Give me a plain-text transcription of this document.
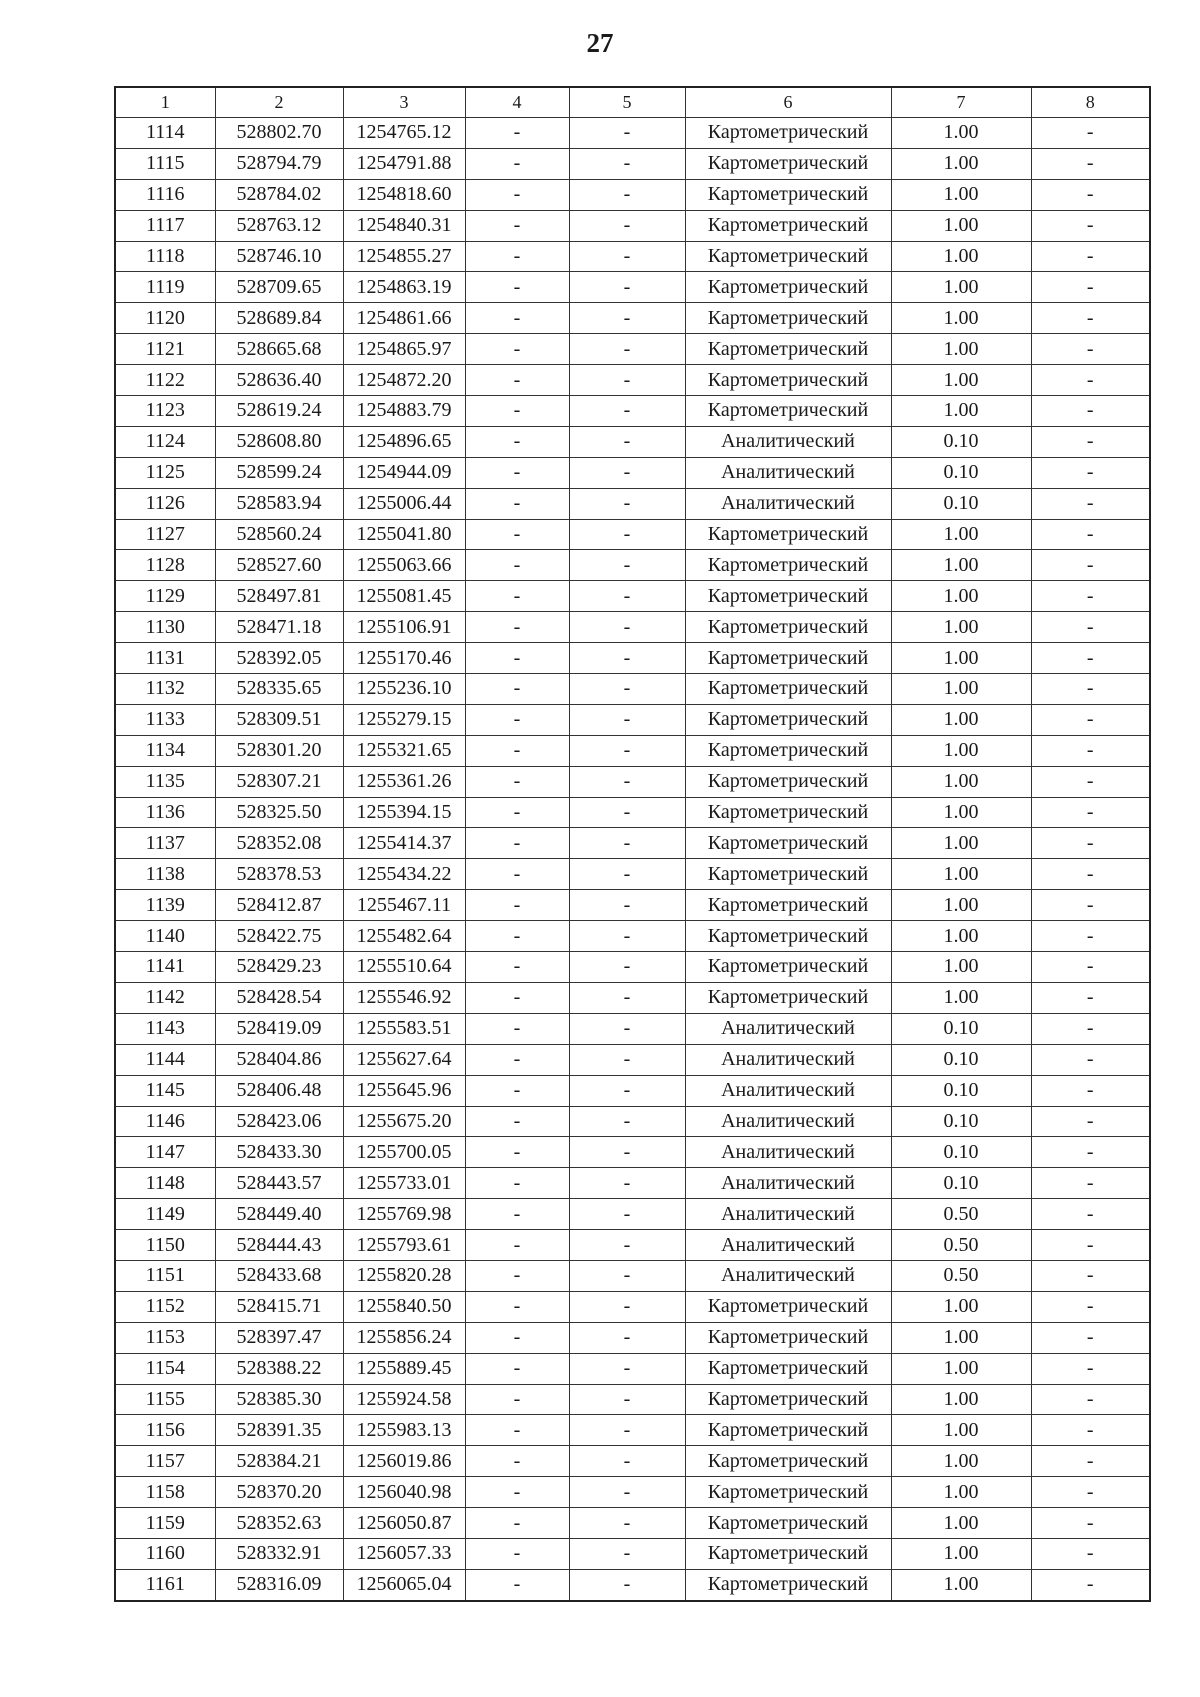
27
1	2	3	4	5	6	7	8
1114	528802.70	1254765.12	-	-	Картометрический	1.00	-
1115	528794.79	1254791.88	-	-	Картометрический	1.00	-
1116	528784.02	1254818.60	-	-	Картометрический	1.00	-
1117	528763.12	1254840.31	-	-	Картометрический	1.00	-
1118	528746.10	1254855.27	-	-	Картометрический	1.00	-
1119	528709.65	1254863.19	-	-	Картометрический	1.00	-
1120	528689.84	1254861.66	-	-	Картометрический	1.00	-
1121	528665.68	1254865.97	-	-	Картометрический	1.00	-
1122	528636.40	1254872.20	-	-	Картометрический	1.00	-
1123	528619.24	1254883.79	-	-	Картометрический	1.00	-
1124	528608.80	1254896.65	-	-	Аналитический	0.10	-
1125	528599.24	1254944.09	-	-	Аналитический	0.10	-
1126	528583.94	1255006.44	-	-	Аналитический	0.10	-
1127	528560.24	1255041.80	-	-	Картометрический	1.00	-
1128	528527.60	1255063.66	-	-	Картометрический	1.00	-
1129	528497.81	1255081.45	-	-	Картометрический	1.00	-
1130	528471.18	1255106.91	-	-	Картометрический	1.00	-
1131	528392.05	1255170.46	-	-	Картометрический	1.00	-
1132	528335.65	1255236.10	-	-	Картометрический	1.00	-
1133	528309.51	1255279.15	-	-	Картометрический	1.00	-
1134	528301.20	1255321.65	-	-	Картометрический	1.00	-
1135	528307.21	1255361.26	-	-	Картометрический	1.00	-
1136	528325.50	1255394.15	-	-	Картометрический	1.00	-
1137	528352.08	1255414.37	-	-	Картометрический	1.00	-
1138	528378.53	1255434.22	-	-	Картометрический	1.00	-
1139	528412.87	1255467.11	-	-	Картометрический	1.00	-
1140	528422.75	1255482.64	-	-	Картометрический	1.00	-
1141	528429.23	1255510.64	-	-	Картометрический	1.00	-
1142	528428.54	1255546.92	-	-	Картометрический	1.00	-
1143	528419.09	1255583.51	-	-	Аналитический	0.10	-
1144	528404.86	1255627.64	-	-	Аналитический	0.10	-
1145	528406.48	1255645.96	-	-	Аналитический	0.10	-
1146	528423.06	1255675.20	-	-	Аналитический	0.10	-
1147	528433.30	1255700.05	-	-	Аналитический	0.10	-
1148	528443.57	1255733.01	-	-	Аналитический	0.10	-
1149	528449.40	1255769.98	-	-	Аналитический	0.50	-
1150	528444.43	1255793.61	-	-	Аналитический	0.50	-
1151	528433.68	1255820.28	-	-	Аналитический	0.50	-
1152	528415.71	1255840.50	-	-	Картометрический	1.00	-
1153	528397.47	1255856.24	-	-	Картометрический	1.00	-
1154	528388.22	1255889.45	-	-	Картометрический	1.00	-
1155	528385.30	1255924.58	-	-	Картометрический	1.00	-
1156	528391.35	1255983.13	-	-	Картометрический	1.00	-
1157	528384.21	1256019.86	-	-	Картометрический	1.00	-
1158	528370.20	1256040.98	-	-	Картометрический	1.00	-
1159	528352.63	1256050.87	-	-	Картометрический	1.00	-
1160	528332.91	1256057.33	-	-	Картометрический	1.00	-
1161	528316.09	1256065.04	-	-	Картометрический	1.00	-
